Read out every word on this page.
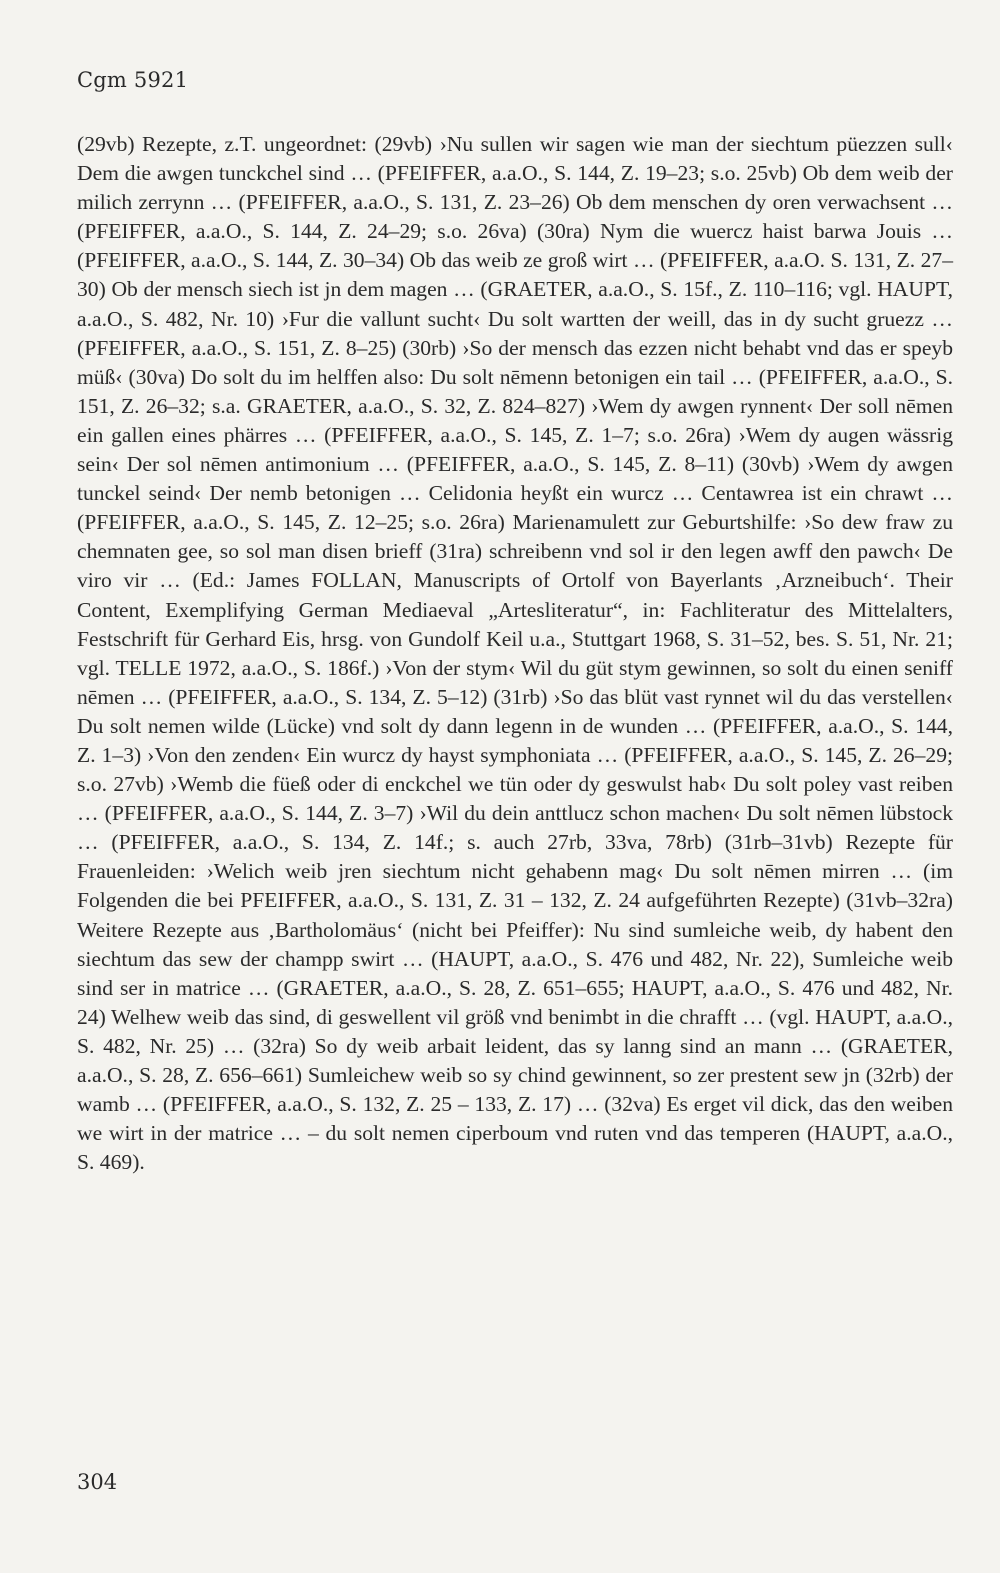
Cgm 5921
(29vb) Rezepte, z.T. ungeordnet: (29vb) ›Nu sullen wir sagen wie man der siechtum püezzen sull‹ Dem die awgen tunckchel sind … (PFEIFFER, a.a.O., S. 144, Z. 19–23; s.o. 25vb) Ob dem weib der milich zerrynn … (PFEIFFER, a.a.O., S. 131, Z. 23–26) Ob dem menschen dy oren verwachsent … (PFEIFFER, a.a.O., S. 144, Z. 24–29; s.o. 26va) (30ra) Nym die wuercz haist barwa Jouis … (PFEIFFER, a.a.O., S. 144, Z. 30–34) Ob das weib ze groß wirt … (PFEIFFER, a.a.O. S. 131, Z. 27–30) Ob der mensch siech ist jn dem magen … (GRAETER, a.a.O., S. 15f., Z. 110–116; vgl. HAUPT, a.a.O., S. 482, Nr. 10) ›Fur die vallunt sucht‹ Du solt wartten der weill, das in dy sucht gruezz … (PFEIFFER, a.a.O., S. 151, Z. 8–25) (30rb) ›So der mensch das ezzen nicht behabt vnd das er speyb müß‹ (30va) Do solt du im helffen also: Du solt nēmenn betonigen ein tail … (PFEIFFER, a.a.O., S. 151, Z. 26–32; s.a. GRAETER, a.a.O., S. 32, Z. 824–827) ›Wem dy awgen rynnent‹ Der soll nēmen ein gallen eines phärres … (PFEIFFER, a.a.O., S. 145, Z. 1–7; s.o. 26ra) ›Wem dy augen wässrig sein‹ Der sol nēmen antimonium … (PFEIFFER, a.a.O., S. 145, Z. 8–11) (30vb) ›Wem dy awgen tunckel seind‹ Der nemb betonigen … Celidonia heyßt ein wurcz … Centawrea ist ein chrawt … (PFEIFFER, a.a.O., S. 145, Z. 12–25; s.o. 26ra) Marienamulett zur Geburtshilfe: ›So dew fraw zu chemnaten gee, so sol man disen brieff (31ra) schreibenn vnd sol ir den legen awff den pawch‹ De viro vir … (Ed.: James FOLLAN, Manuscripts of Ortolf von Bayerlants ‚Arzneibuch‘. Their Content, Exemplifying German Mediaeval „Artesliteratur“, in: Fachliteratur des Mittelalters, Festschrift für Gerhard Eis, hrsg. von Gundolf Keil u.a., Stuttgart 1968, S. 31–52, bes. S. 51, Nr. 21; vgl. TELLE 1972, a.a.O., S. 186f.) ›Von der stym‹ Wil du güt stym gewinnen, so solt du einen seniff nēmen … (PFEIFFER, a.a.O., S. 134, Z. 5–12) (31rb) ›So das blüt vast rynnet wil du das verstellen‹ Du solt nemen wilde (Lücke) vnd solt dy dann legenn in de wunden … (PFEIFFER, a.a.O., S. 144, Z. 1–3) ›Von den zenden‹ Ein wurcz dy hayst symphoniata … (PFEIFFER, a.a.O., S. 145, Z. 26–29; s.o. 27vb) ›Wemb die füeß oder di enckchel we tün oder dy geswulst hab‹ Du solt poley vast reiben … (PFEIFFER, a.a.O., S. 144, Z. 3–7) ›Wil du dein anttlucz schon machen‹ Du solt nēmen lübstock … (PFEIFFER, a.a.O., S. 134, Z. 14f.; s. auch 27rb, 33va, 78rb) (31rb–31vb) Rezepte für Frauenleiden: ›Welich weib jren siechtum nicht gehabenn mag‹ Du solt nēmen mirren … (im Folgenden die bei PFEIFFER, a.a.O., S. 131, Z. 31 – 132, Z. 24 aufgeführten Rezepte) (31vb–32ra) Weitere Rezepte aus ‚Bartholomäus‘ (nicht bei Pfeiffer): Nu sind sumleiche weib, dy habent den siechtum das sew der champp swirt … (HAUPT, a.a.O., S. 476 und 482, Nr. 22), Sumleiche weib sind ser in matrice … (GRAETER, a.a.O., S. 28, Z. 651–655; HAUPT, a.a.O., S. 476 und 482, Nr. 24) Welhew weib das sind, di geswellent vil größ vnd benimbt in die chrafft … (vgl. HAUPT, a.a.O., S. 482, Nr. 25) … (32ra) So dy weib arbait leident, das sy lanng sind an mann … (GRAETER, a.a.O., S. 28, Z. 656–661) Sumleichew weib so sy chind gewinnent, so zer prestent sew jn (32rb) der wamb … (PFEIFFER, a.a.O., S. 132, Z. 25 – 133, Z. 17) … (32va) Es erget vil dick, das den weiben we wirt in der matrice … – du solt nemen ciperboum vnd ruten vnd das temperen (HAUPT, a.a.O., S. 469).
304
